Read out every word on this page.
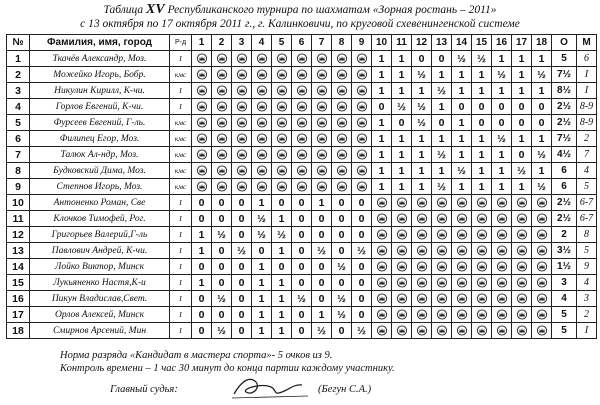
Таблица XV Республиканского турнира по шахматам «Зорная ростань – 2011»
с 13 октября по 17 октября 2011 г., г. Калинковичи, по круговой схевенингенской системе
№	Фамилия, имя, город	Р-д	1	2	3	4	5	6	7	8	9	10	11	12	13	14	15	16	17	18	О	М
1	Ткачёв Александр, Моз.	I										1	1	0	0	½	½	1	1	1	5	6
2	Можейко Игорь, Бобр.	кмс										1	1	½	1	1	1	½	1	½	7½	I
3	Никулин Кирилл, К-чи.	I										1	1	1	½	1	1	1	1	1	8½	I
4	Горлов Евгений, К-чи.	I										0	½	½	1	0	0	0	0	0	2½	8-9
5	Фурсеев Евгений, Г-ль.	кмс										1	0	½	0	1	0	0	0	0	2½	8-9
6	Филипец Егор, Моз.	кмс										1	1	1	1	1	1	½	1	1	7½	2
7	Талюк Ал-ндр, Моз.	кмс										1	1	1	½	1	1	1	0	½	4½	7
8	Будковский Дима, Моз.	кмс										1	1	1	1	½	1	1	½	1	6	4
9	Степнов Игорь, Моз.	кмс										1	1	1	½	1	1	1	1	½	6	5
10	Антоненко Роман, Све	I	0	0	0	1	0	0	1	0	0										2½	6-7
11	Клочков Тимофей, Рог.	I	0	0	0	½	1	0	0	0	0										2½	6-7
12	Григорьев Валерий,Г-ль	I	1	½	0	½	½	0	0	0	0										2	8
13	Павлович Андрей, К-чи.	I	1	0	½	0	1	0	½	0	½										3½	5
14	Лойко Виктор, Минск	I	0	0	0	1	0	0	0	½	0										1½	9
15	Лукьяненко Настя,К-и	I	1	0	0	1	1	0	0	0	0										3	4
16	Пикун Владислав,Свет.	I	0	½	0	1	1	½	0	½	0										4	3
17	Орлов Алексей, Минск	I	0	0	0	1	1	0	1	½	0										5	2
18	Смирнов Арсений, Мин	I	0	½	0	1	1	0	½	0	½										5	I
Норма разряда «Кандидат в мастера спорта»- 5 очков из 9.
Контроль времени – 1 час 30 минут до конца партии каждому участнику.
Главный судья:	(Бегун С.А.)
